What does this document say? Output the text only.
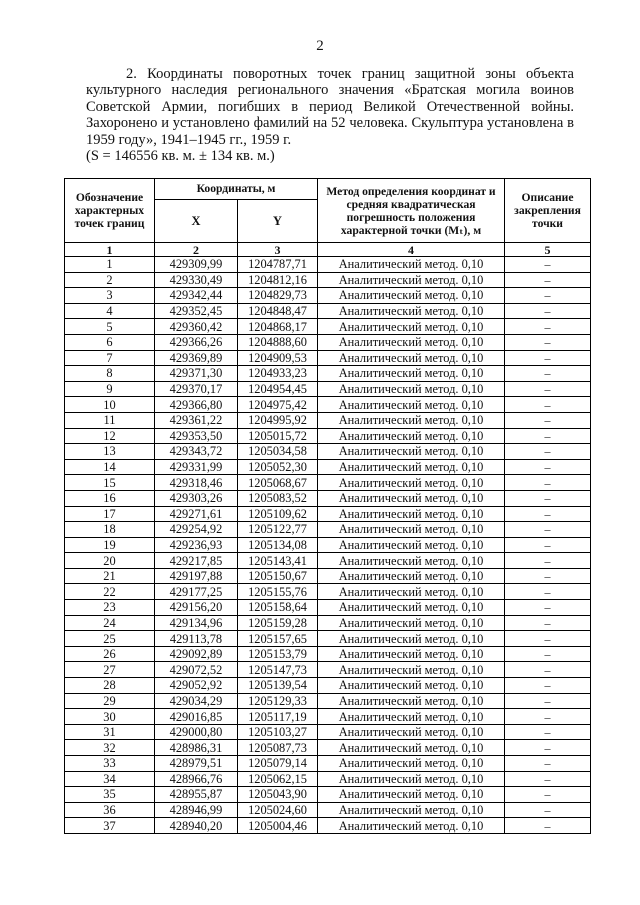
2
2. Координаты поворотных точек границ защитной зоны объекта культурного наследия регионального значения «Братская могила воинов Советской Армии, погибших в период Великой Отечественной войны. Захоронено и установлено фамилий на 52 человека. Скульптура установлена в 1959 году», 1941–1945 гг., 1959 г.
(S = 146556 кв. м. ± 134 кв. м.)
Обозначение характерных точек границ	Координаты, м		Метод определения координат и средняя квадратическая погрешность положения характерной точки (Мₜ), м	Описание закрепления точки
	X	Y		
1	2	3	4	5
1	429309,99	1204787,71	Аналитический метод. 0,10	–
2	429330,49	1204812,16	Аналитический метод. 0,10	–
3	429342,44	1204829,73	Аналитический метод. 0,10	–
4	429352,45	1204848,47	Аналитический метод. 0,10	–
5	429360,42	1204868,17	Аналитический метод. 0,10	–
6	429366,26	1204888,60	Аналитический метод. 0,10	–
7	429369,89	1204909,53	Аналитический метод. 0,10	–
8	429371,30	1204933,23	Аналитический метод. 0,10	–
9	429370,17	1204954,45	Аналитический метод. 0,10	–
10	429366,80	1204975,42	Аналитический метод. 0,10	–
11	429361,22	1204995,92	Аналитический метод. 0,10	–
12	429353,50	1205015,72	Аналитический метод. 0,10	–
13	429343,72	1205034,58	Аналитический метод. 0,10	–
14	429331,99	1205052,30	Аналитический метод. 0,10	–
15	429318,46	1205068,67	Аналитический метод. 0,10	–
16	429303,26	1205083,52	Аналитический метод. 0,10	–
17	429271,61	1205109,62	Аналитический метод. 0,10	–
18	429254,92	1205122,77	Аналитический метод. 0,10	–
19	429236,93	1205134,08	Аналитический метод. 0,10	–
20	429217,85	1205143,41	Аналитический метод. 0,10	–
21	429197,88	1205150,67	Аналитический метод. 0,10	–
22	429177,25	1205155,76	Аналитический метод. 0,10	–
23	429156,20	1205158,64	Аналитический метод. 0,10	–
24	429134,96	1205159,28	Аналитический метод. 0,10	–
25	429113,78	1205157,65	Аналитический метод. 0,10	–
26	429092,89	1205153,79	Аналитический метод. 0,10	–
27	429072,52	1205147,73	Аналитический метод. 0,10	–
28	429052,92	1205139,54	Аналитический метод. 0,10	–
29	429034,29	1205129,33	Аналитический метод. 0,10	–
30	429016,85	1205117,19	Аналитический метод. 0,10	–
31	429000,80	1205103,27	Аналитический метод. 0,10	–
32	428986,31	1205087,73	Аналитический метод. 0,10	–
33	428979,51	1205079,14	Аналитический метод. 0,10	–
34	428966,76	1205062,15	Аналитический метод. 0,10	–
35	428955,87	1205043,90	Аналитический метод. 0,10	–
36	428946,99	1205024,60	Аналитический метод. 0,10	–
37	428940,20	1205004,46	Аналитический метод. 0,10	–
